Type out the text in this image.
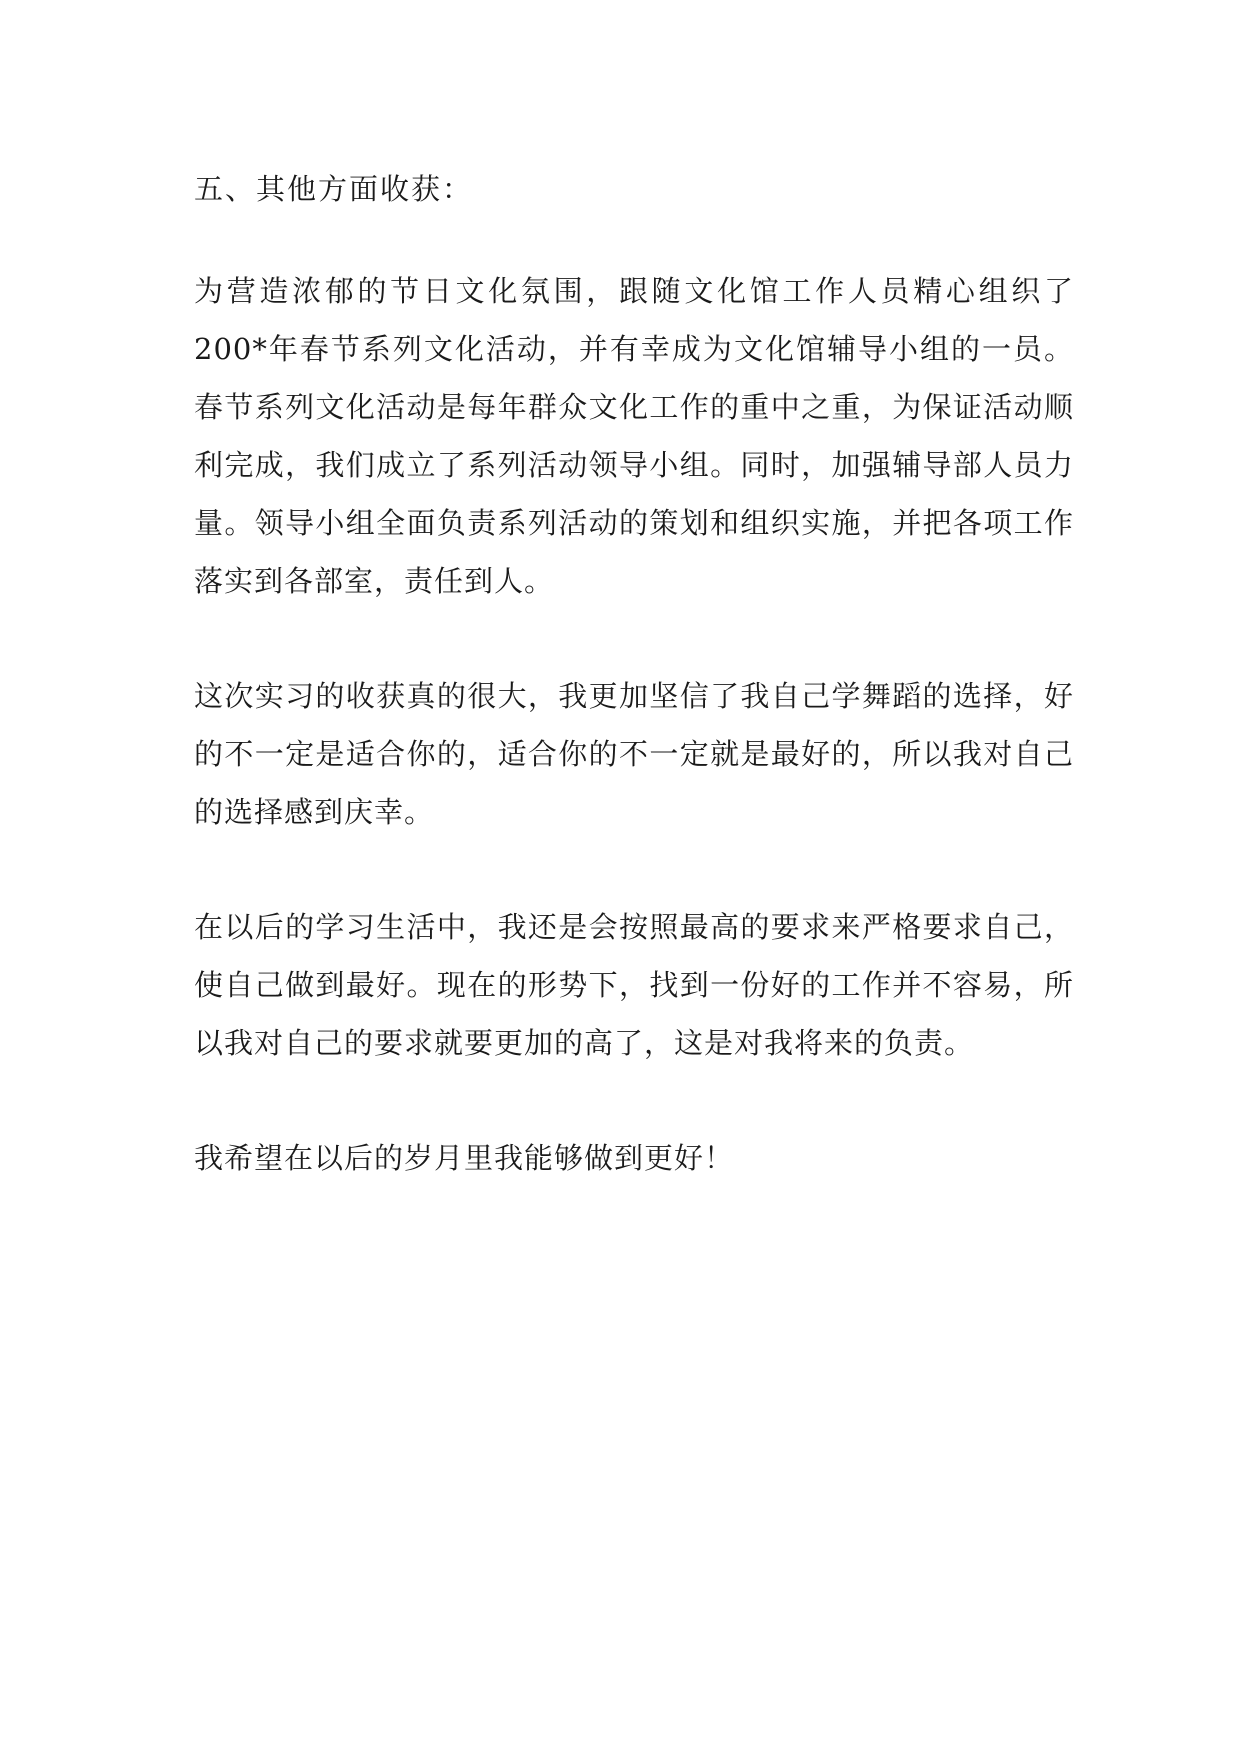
五、其他方面收获：

为营造浓郁的节日文化氛围，跟随文化馆工作人员精心组织了200*年春节系列文化活动，并有幸成为文化馆辅导小组的一员。春节系列文化活动是每年群众文化工作的重中之重，为保证活动顺利完成，我们成立了系列活动领导小组。同时，加强辅导部人员力量。领导小组全面负责系列活动的策划和组织实施，并把各项工作落实到各部室，责任到人。

这次实习的收获真的很大，我更加坚信了我自己学舞蹈的选择，好的不一定是适合你的，适合你的不一定就是最好的，所以我对自己的选择感到庆幸。

在以后的学习生活中，我还是会按照最高的要求来严格要求自己，使自己做到最好。现在的形势下，找到一份好的工作并不容易，所以我对自己的要求就要更加的高了，这是对我将来的负责。

我希望在以后的岁月里我能够做到更好！
